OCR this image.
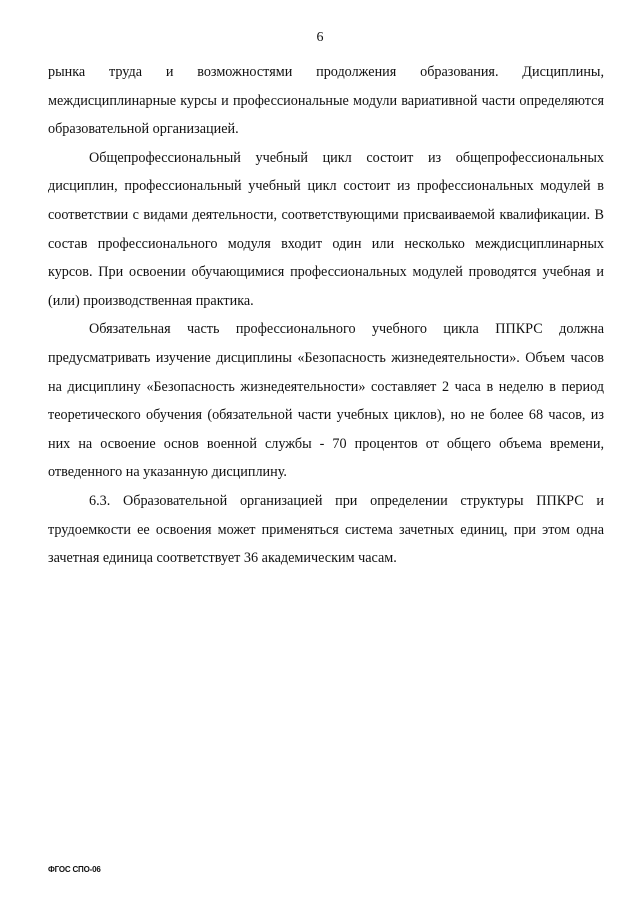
6

рынка труда и возможностями продолжения образования. Дисциплины, междисциплинарные курсы и профессиональные модули вариативной части определяются образовательной организацией.

Общепрофессиональный учебный цикл состоит из общепрофессиональных дисциплин, профессиональный учебный цикл состоит из профессиональных модулей в соответствии с видами деятельности, соответствующими присваиваемой квалификации. В состав профессионального модуля входит один или несколько междисциплинарных курсов. При освоении обучающимися профессиональных модулей проводятся учебная и (или) производственная практика.

Обязательная часть профессионального учебного цикла ППКРС должна предусматривать изучение дисциплины «Безопасность жизнедеятельности». Объем часов на дисциплину «Безопасность жизнедеятельности» составляет 2 часа в неделю в период теоретического обучения (обязательной части учебных циклов), но не более 68 часов, из них на освоение основ военной службы - 70 процентов от общего объема времени, отведенного на указанную дисциплину.

6.3. Образовательной организацией при определении структуры ППКРС и трудоемкости ее освоения может применяться система зачетных единиц, при этом одна зачетная единица соответствует 36 академическим часам.

ФГОС СПО-06
